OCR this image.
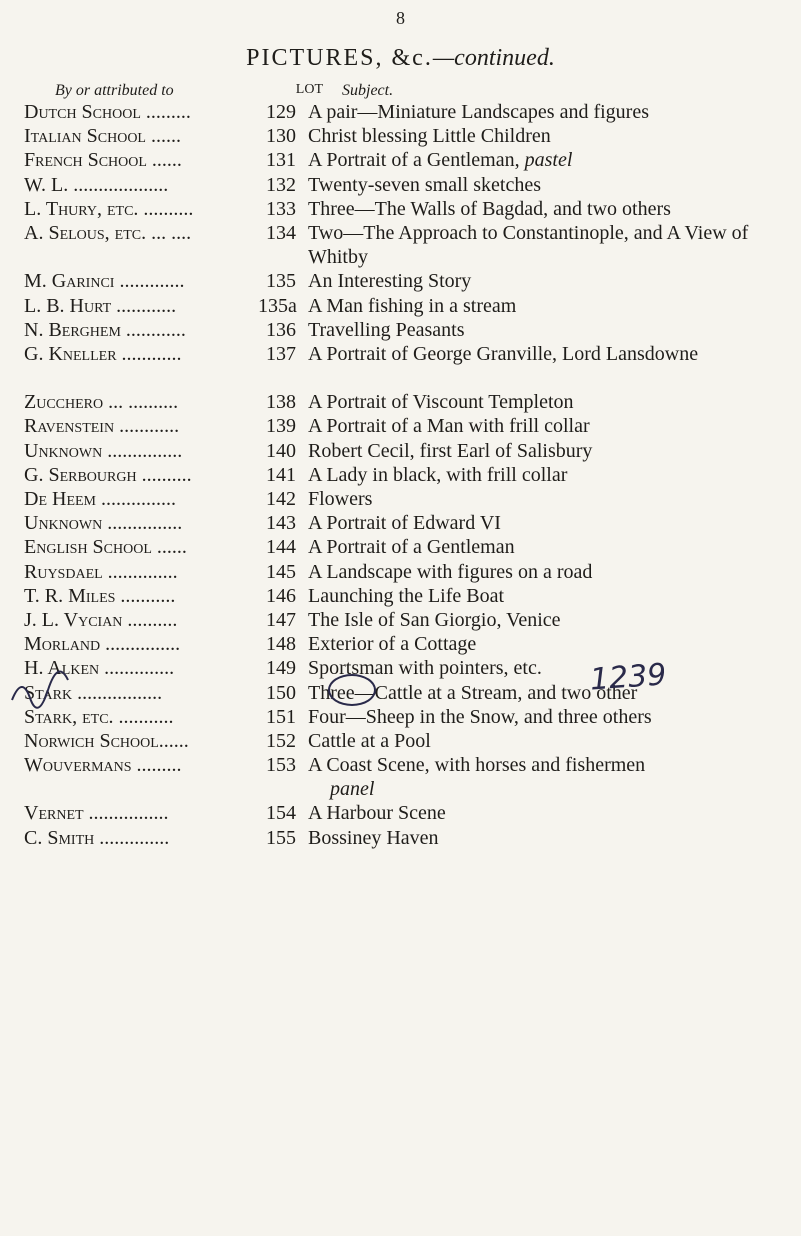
8
PICTURES, &c.—continued.
By or attributed to	LOT	Subject.
Dutch School .........	129 A pair—Miniature Landscapes and figures
Italian School ......	130 Christ blessing Little Children
French School ......	131 A Portrait of a Gentleman, pastel
W. L. ...................	132 Twenty-seven small sketches
L. Thury, etc. ..........	133 Three—The Walls of Bagdad, and two others
A. Selous, etc. ... ....	134 Two—The Approach to Constantinople, and A View of Whitby
M. Garinci .............	135 An Interesting Story
L. B. Hurt ............	135a A Man fishing in a stream
N. Berghem ............	136 Travelling Peasants
G. Kneller ............	137 A Portrait of George Granville, Lord Lansdowne
Zucchero ... ..........	138 A Portrait of Viscount Templeton
Ravenstein ............	139 A Portrait of a Man with frill collar
Unknown ...............	140 Robert Cecil, first Earl of Salisbury
G. Serbourgh ..........	141 A Lady in black, with frill collar
De Heem ...............	142 Flowers
Unknown ...............	143 A Portrait of Edward VI
English School ......	144 A Portrait of a Gentleman
Ruysdael ..............	145 A Landscape with figures on a road
T. R. Miles ...........	146 Launching the Life Boat
J. L. Vycian ..........	147 The Isle of San Giorgio, Venice
Morland ...............	148 Exterior of a Cottage
H. Alken ..............	149 Sportsman with pointers, etc.
Stark .................	150 Three—Cattle at a Stream, and two other
Stark, etc. ...........	151 Four—Sheep in the Snow, and three others
Norwich School......	152 Cattle at a Pool
Wouvermans .........	153 A Coast Scene, with horses and fishermen
panel
Vernet ................	154 A Harbour Scene
C. Smith ..............	155 Bossiney Haven
1239
